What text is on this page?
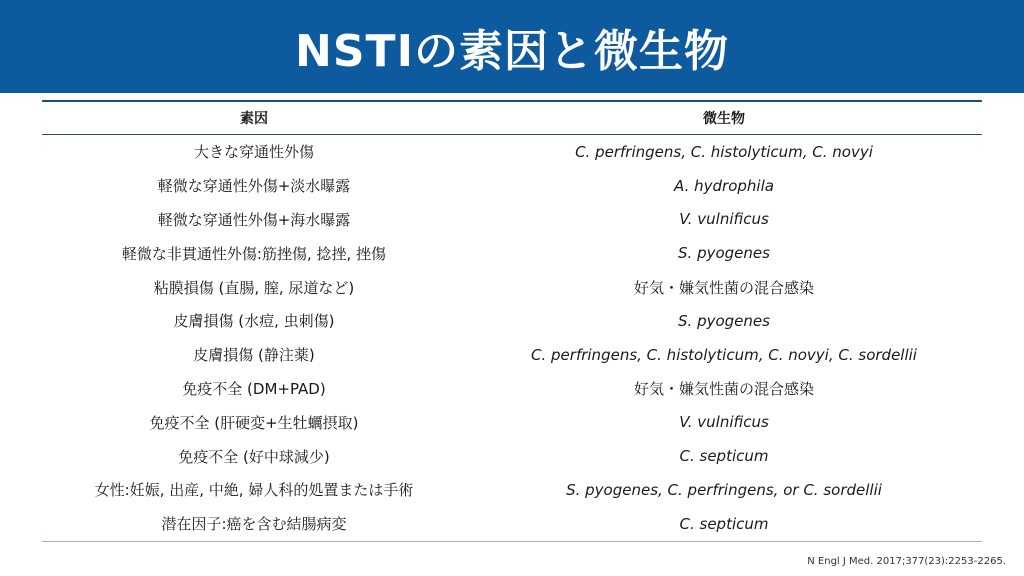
NSTIの素因と微生物
素因	微生物
大きな穿通性外傷	C. perfringens, C. histolyticum, C. novyi
軽微な穿通性外傷+淡水曝露	A. hydrophila
軽微な穿通性外傷+海水曝露	V. vulnificus
軽微な非貫通性外傷:筋挫傷, 捻挫, 挫傷	S. pyogenes
粘膜損傷 (直腸, 膣, 尿道など)	好気・嫌気性菌の混合感染
皮膚損傷 (水痘, 虫刺傷)	S. pyogenes
皮膚損傷 (静注薬)	C. perfringens, C. histolyticum, C. novyi, C. sordellii
免疫不全 (DM+PAD)	好気・嫌気性菌の混合感染
免疫不全 (肝硬変+生牡蠣摂取)	V. vulnificus
免疫不全 (好中球減少)	C. septicum
女性:妊娠, 出産, 中絶, 婦人科的処置または手術	S. pyogenes, C. perfringens, or C. sordellii
潜在因子:癌を含む結腸病変	C. septicum
N Engl J Med. 2017;377(23):2253-2265.
